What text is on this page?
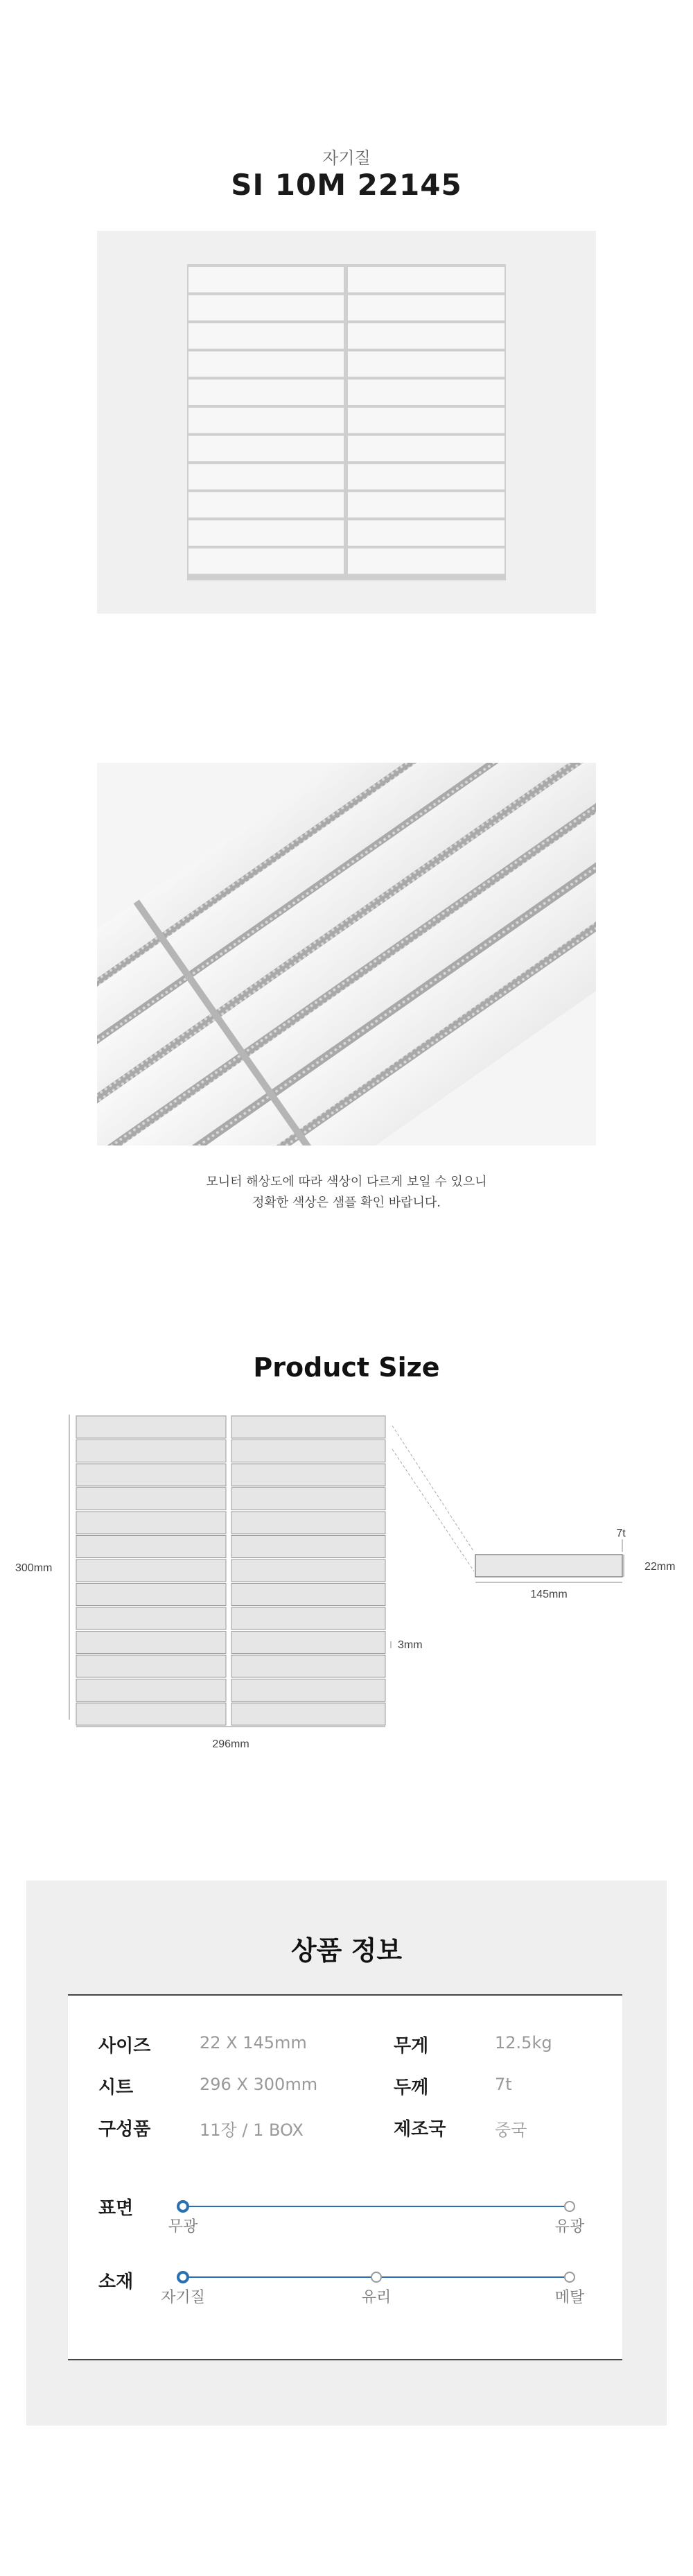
자기질
SI 10M 22145
모니터 해상도에 따라 색상이 다르게 보일 수 있으니
정확한 색상은 샘플 확인 바랍니다.
Product Size
300mm
296mm
3mm
7t
22mm
145mm
상품 정보
사이즈	22 X 145mm	무게	12.5kg
시트	296 X 300mm	두께	7t
구성품	11장 / 1 BOX	제조국	중국
표면
무광	유광
소재
자기질	유리	메탈
